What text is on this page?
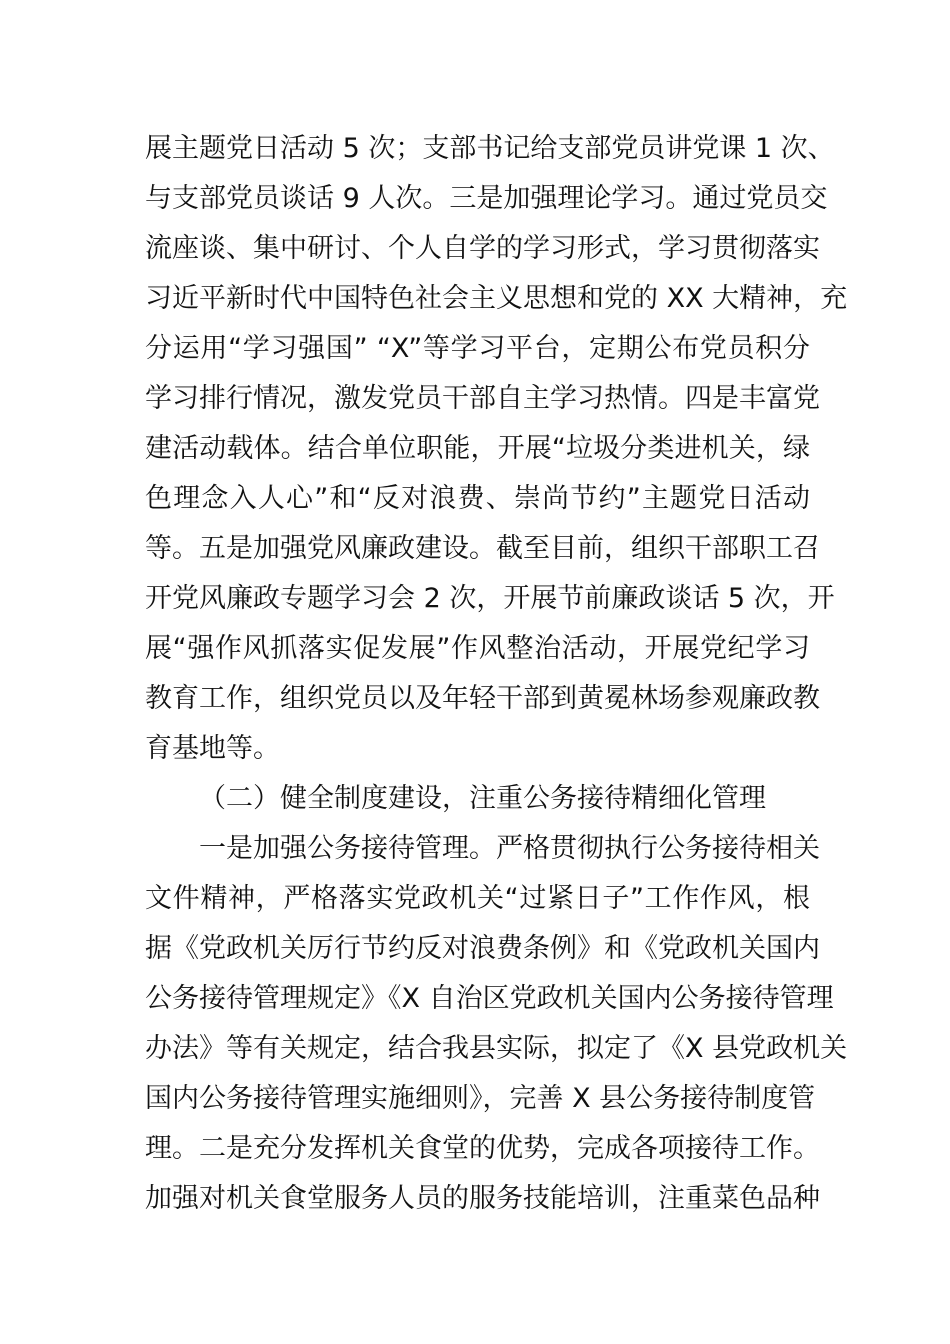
展主题党日活动 5 次；支部书记给支部党员讲党课 1 次、
与支部党员谈话 9 人次。三是加强理论学习。通过党员交
流座谈、集中研讨、个人自学的学习形式，学习贯彻落实
习近平新时代中国特色社会主义思想和党的 XX 大精神，充
分运用“学习强国” “X”等学习平台，定期公布党员积分
学习排行情况，激发党员干部自主学习热情。四是丰富党
建活动载体。结合单位职能，开展“垃圾分类进机关，绿
色理念入人心”和“反对浪费、崇尚节约”主题党日活动
等。五是加强党风廉政建设。截至目前，组织干部职工召
开党风廉政专题学习会 2 次，开展节前廉政谈话 5 次，开
展“强作风抓落实促发展”作风整治活动，开展党纪学习
教育工作，组织党员以及年轻干部到黄冕林场参观廉政教
育基地等。
（二）健全制度建设，注重公务接待精细化管理
一是加强公务接待管理。严格贯彻执行公务接待相关
文件精神，严格落实党政机关“过紧日子”工作作风，根
据《党政机关厉行节约反对浪费条例》和《党政机关国内
公务接待管理规定》《X 自治区党政机关国内公务接待管理
办法》等有关规定，结合我县实际，拟定了《X 县党政机关
国内公务接待管理实施细则》，完善 X 县公务接待制度管
理。二是充分发挥机关食堂的优势，完成各项接待工作。
加强对机关食堂服务人员的服务技能培训，注重菜色品种
